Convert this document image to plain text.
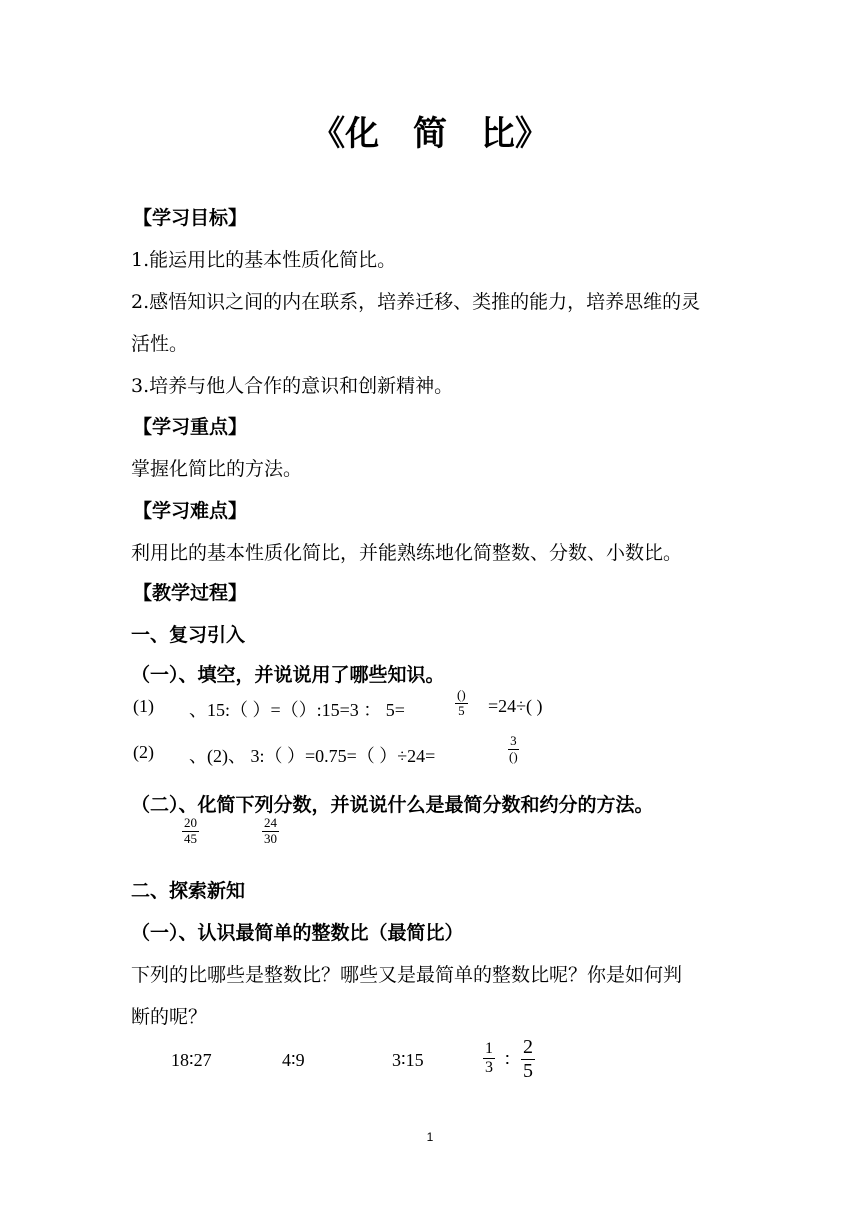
《化 简 比》
【学习目标】
1.能运用比的基本性质化简比。
2.感悟知识之间的内在联系，培养迁移、类推的能力，培养思维的灵
活性。
3.培养与他人合作的意识和创新精神。
【学习重点】
掌握化简比的方法。
【学习难点】
利用比的基本性质化简比，并能熟练地化简整数、分数、小数比。
【教学过程】
一、复习引入
（一）、填空，并说说用了哪些知识。
(1) 、15:（ ）=（）:15=3 ： 5=
()
5 =24÷( )
(2) 、(2)、 3:（ ）=0.75=（ ）÷24=
3
()
（二）、化简下列分数，并说说什么是最简分数和约分的方法。
$\frac{20}{45}$	$\frac{24}{30}$
二、探索新知
（一）、认识最简单的整数比（最简比）
下列的比哪些是整数比？哪些又是最简单的整数比呢？你是如何判
断的呢？
18∶27	4∶9	3∶15	$\frac{1}{3}$ ∶ $\frac{2}{5}$
1
